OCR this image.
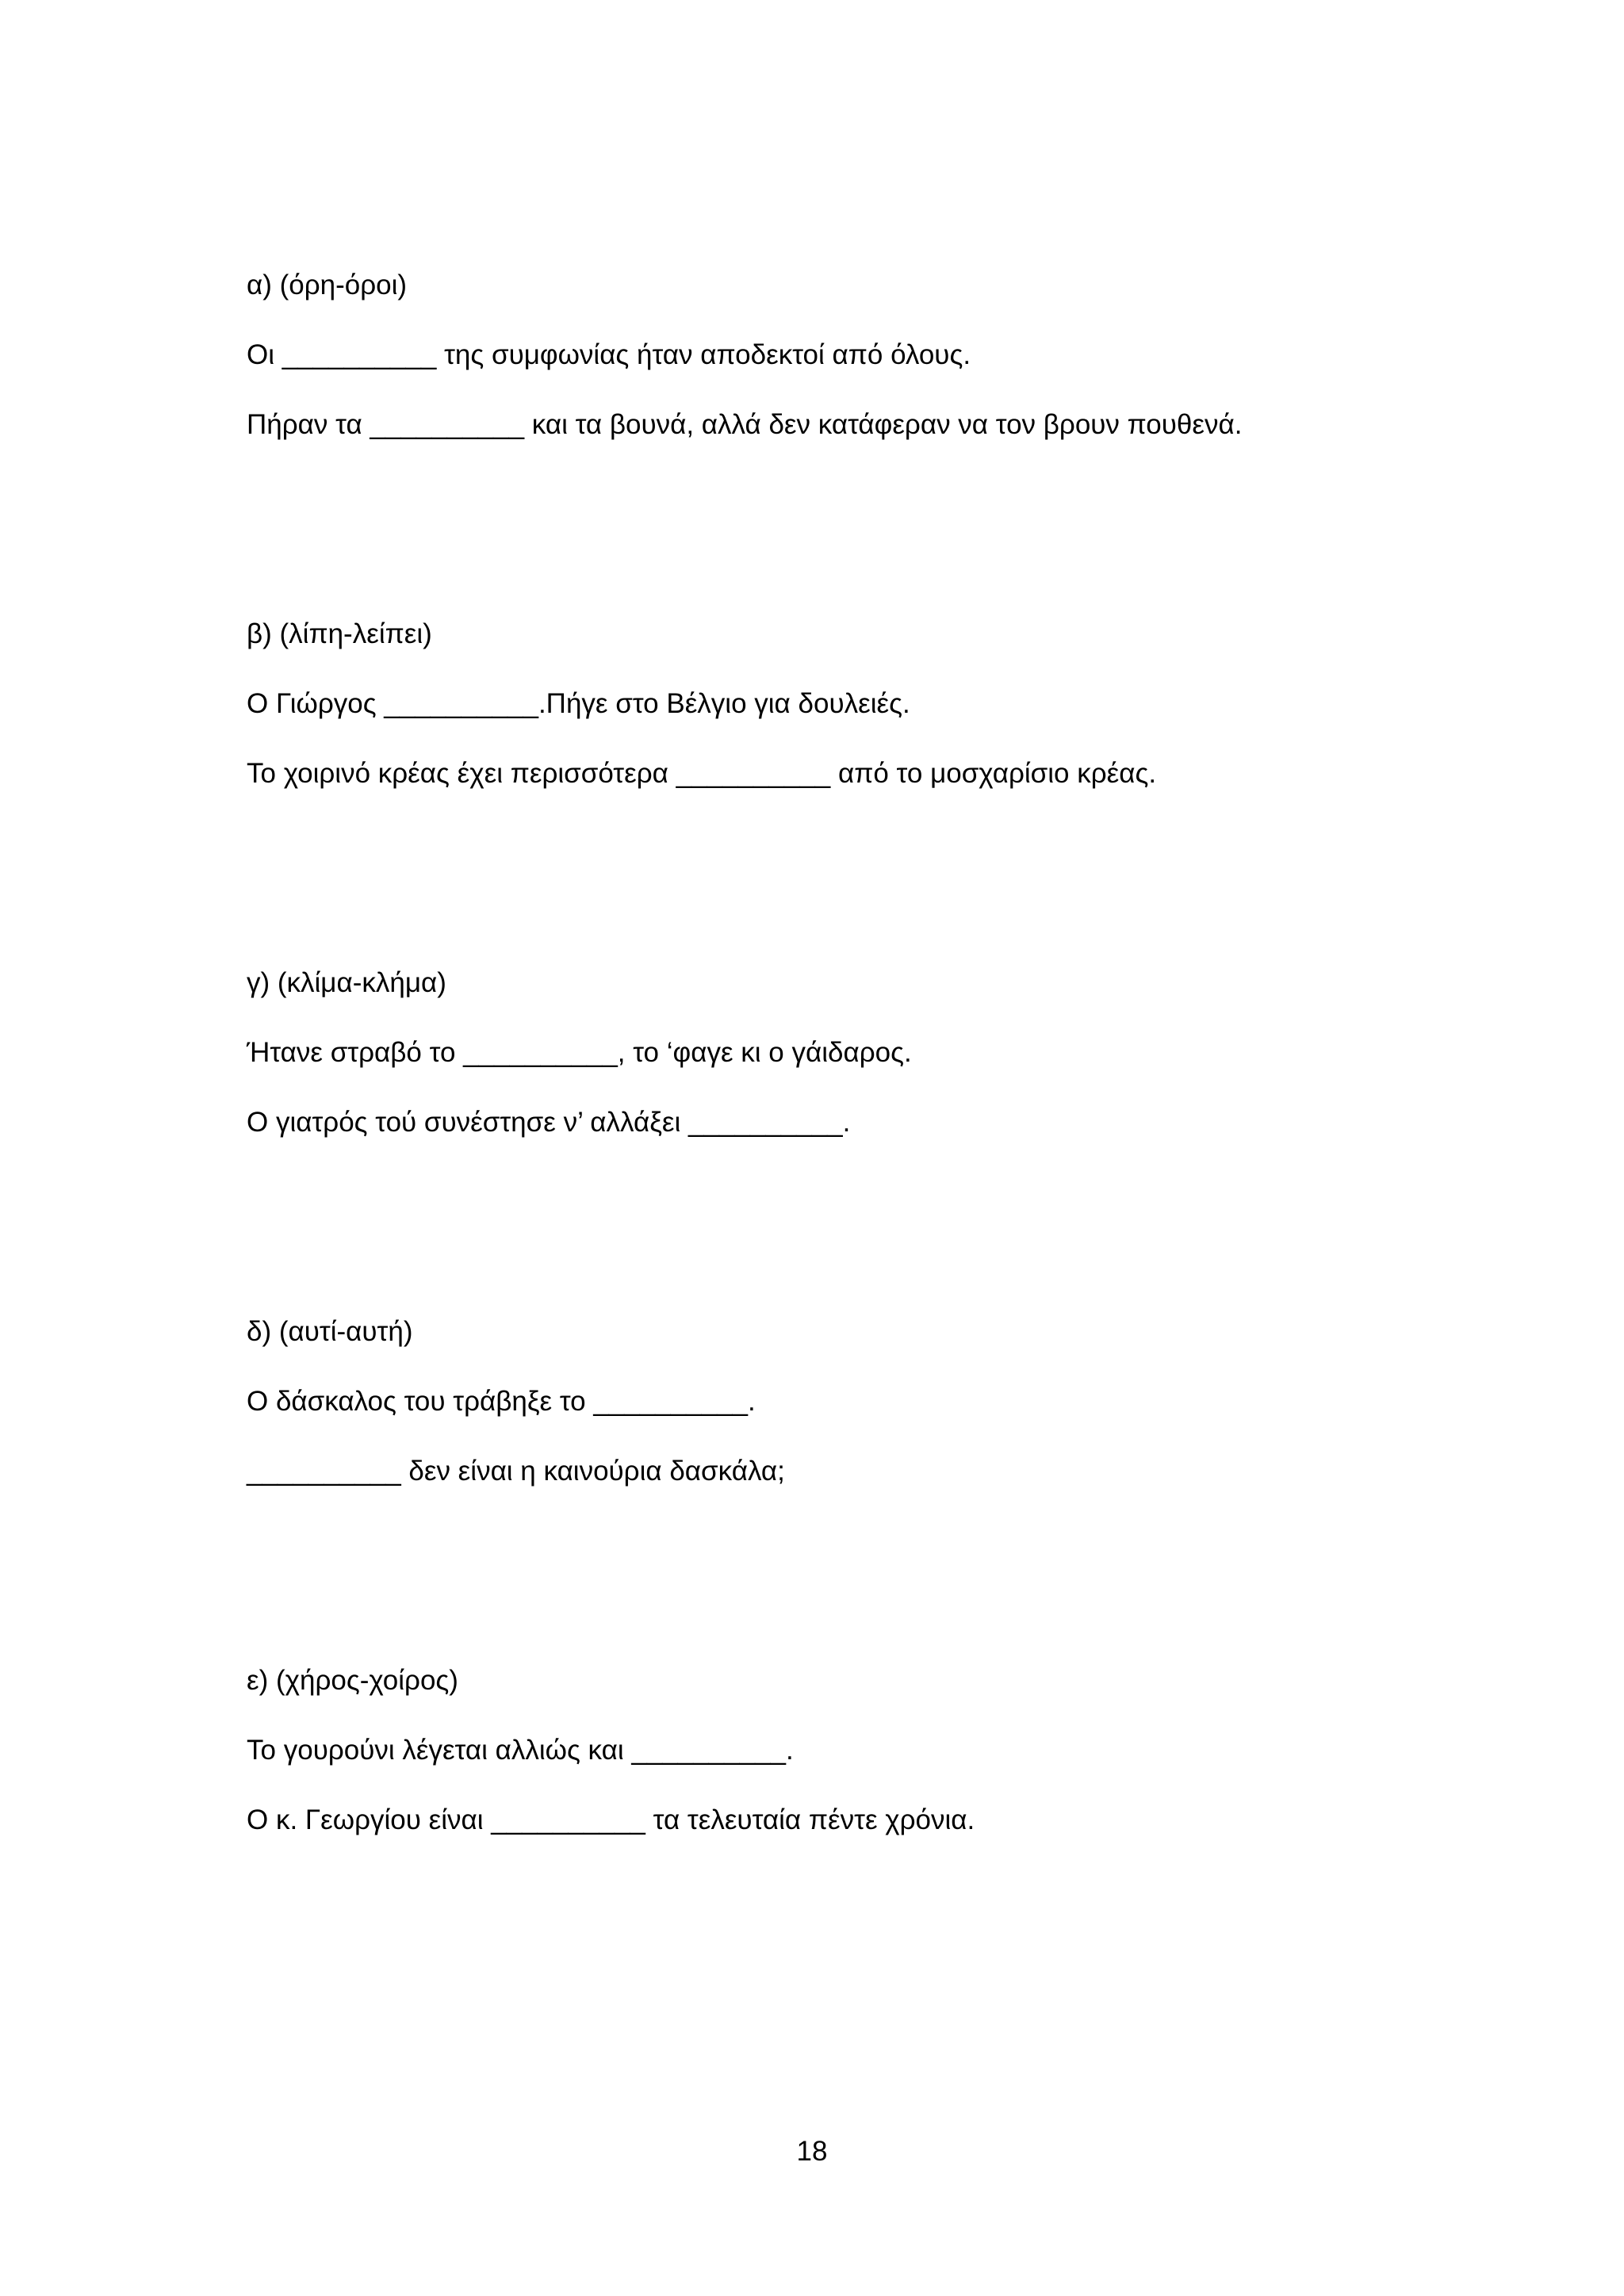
α) (όρη-όροι)

Οι __________ της συμφωνίας ήταν αποδεκτοί από όλους.

Πήραν τα __________ και τα βουνά, αλλά δεν κατάφεραν να τον βρουν πουθενά.

β) (λίπη-λείπει)

Ο Γιώργος __________.Πήγε στο Βέλγιο για δουλειές.

Το χοιρινό κρέας έχει περισσότερα __________ από το μοσχαρίσιο κρέας.

γ) (κλίμα-κλήμα)

Ήτανε στραβό το __________, το ‘φαγε κι ο γάιδαρος.

Ο γιατρός τού συνέστησε ν’ αλλάξει __________.

δ) (αυτί-αυτή)

Ο δάσκαλος του τράβηξε το __________.

__________ δεν είναι η καινούρια δασκάλα;

ε) (χήρος-χοίρος)

Το γουρούνι λέγεται αλλιώς και __________.

Ο κ. Γεωργίου είναι __________ τα τελευταία πέντε χρόνια.

18
